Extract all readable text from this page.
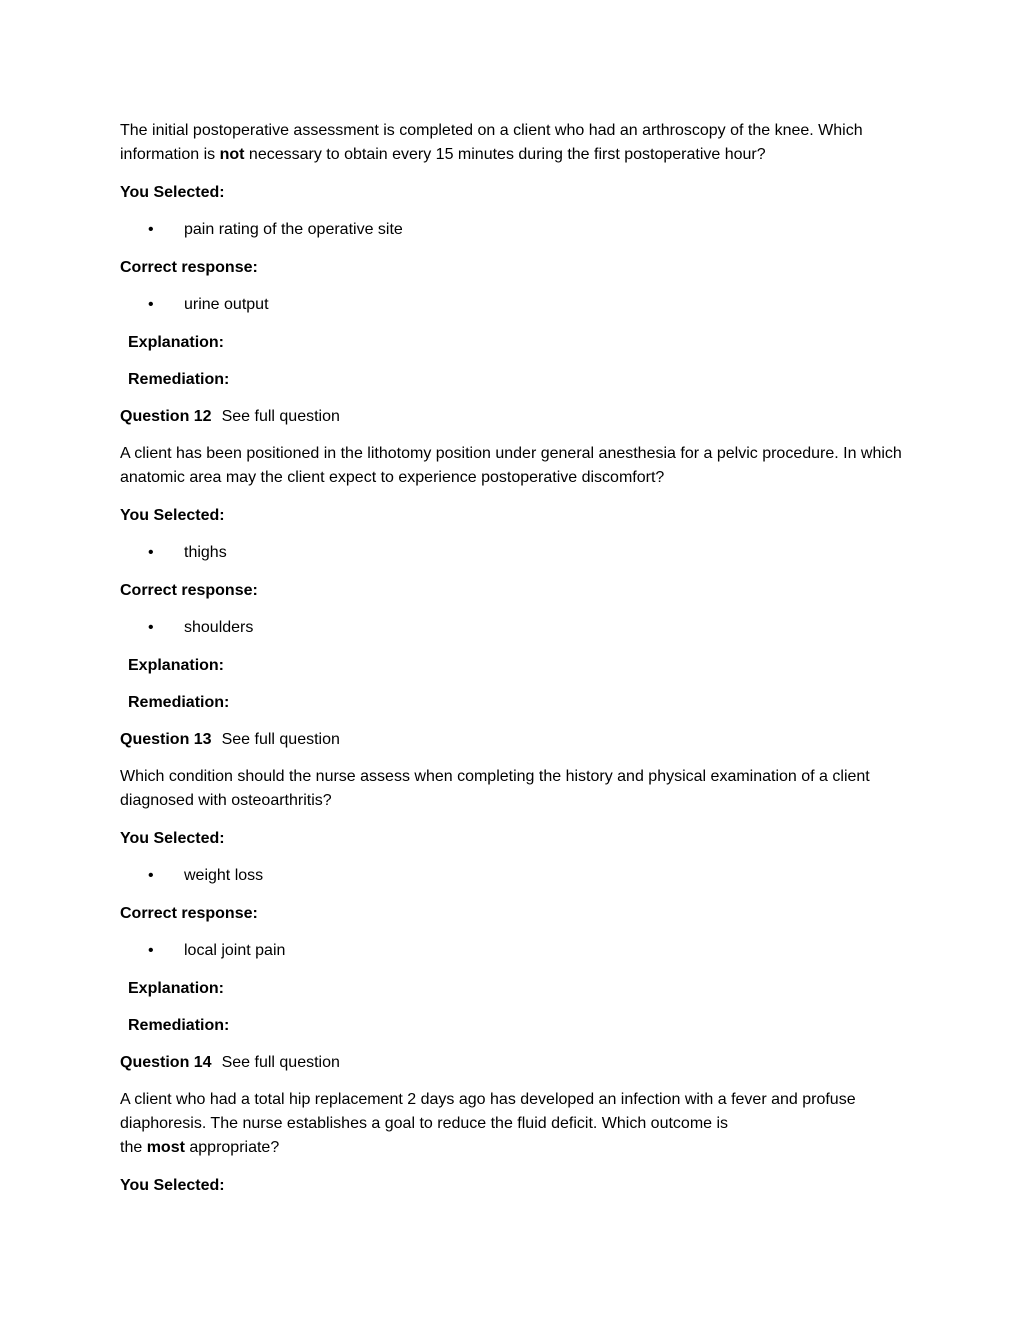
The initial postoperative assessment is completed on a client who had an arthroscopy of the knee. Which information is not necessary to obtain every 15 minutes during the first postoperative hour?

You Selected:

• pain rating of the operative site

Correct response:

• urine output

Explanation:

Remediation:

Question 12 See full question

A client has been positioned in the lithotomy position under general anesthesia for a pelvic procedure. In which anatomic area may the client expect to experience postoperative discomfort?

You Selected:

• thighs

Correct response:

• shoulders

Explanation:

Remediation:

Question 13 See full question

Which condition should the nurse assess when completing the history and physical examination of a client diagnosed with osteoarthritis?

You Selected:

• weight loss

Correct response:

• local joint pain

Explanation:

Remediation:

Question 14 See full question

A client who had a total hip replacement 2 days ago has developed an infection with a fever and profuse diaphoresis. The nurse establishes a goal to reduce the fluid deficit. Which outcome is
the most appropriate?

You Selected:
